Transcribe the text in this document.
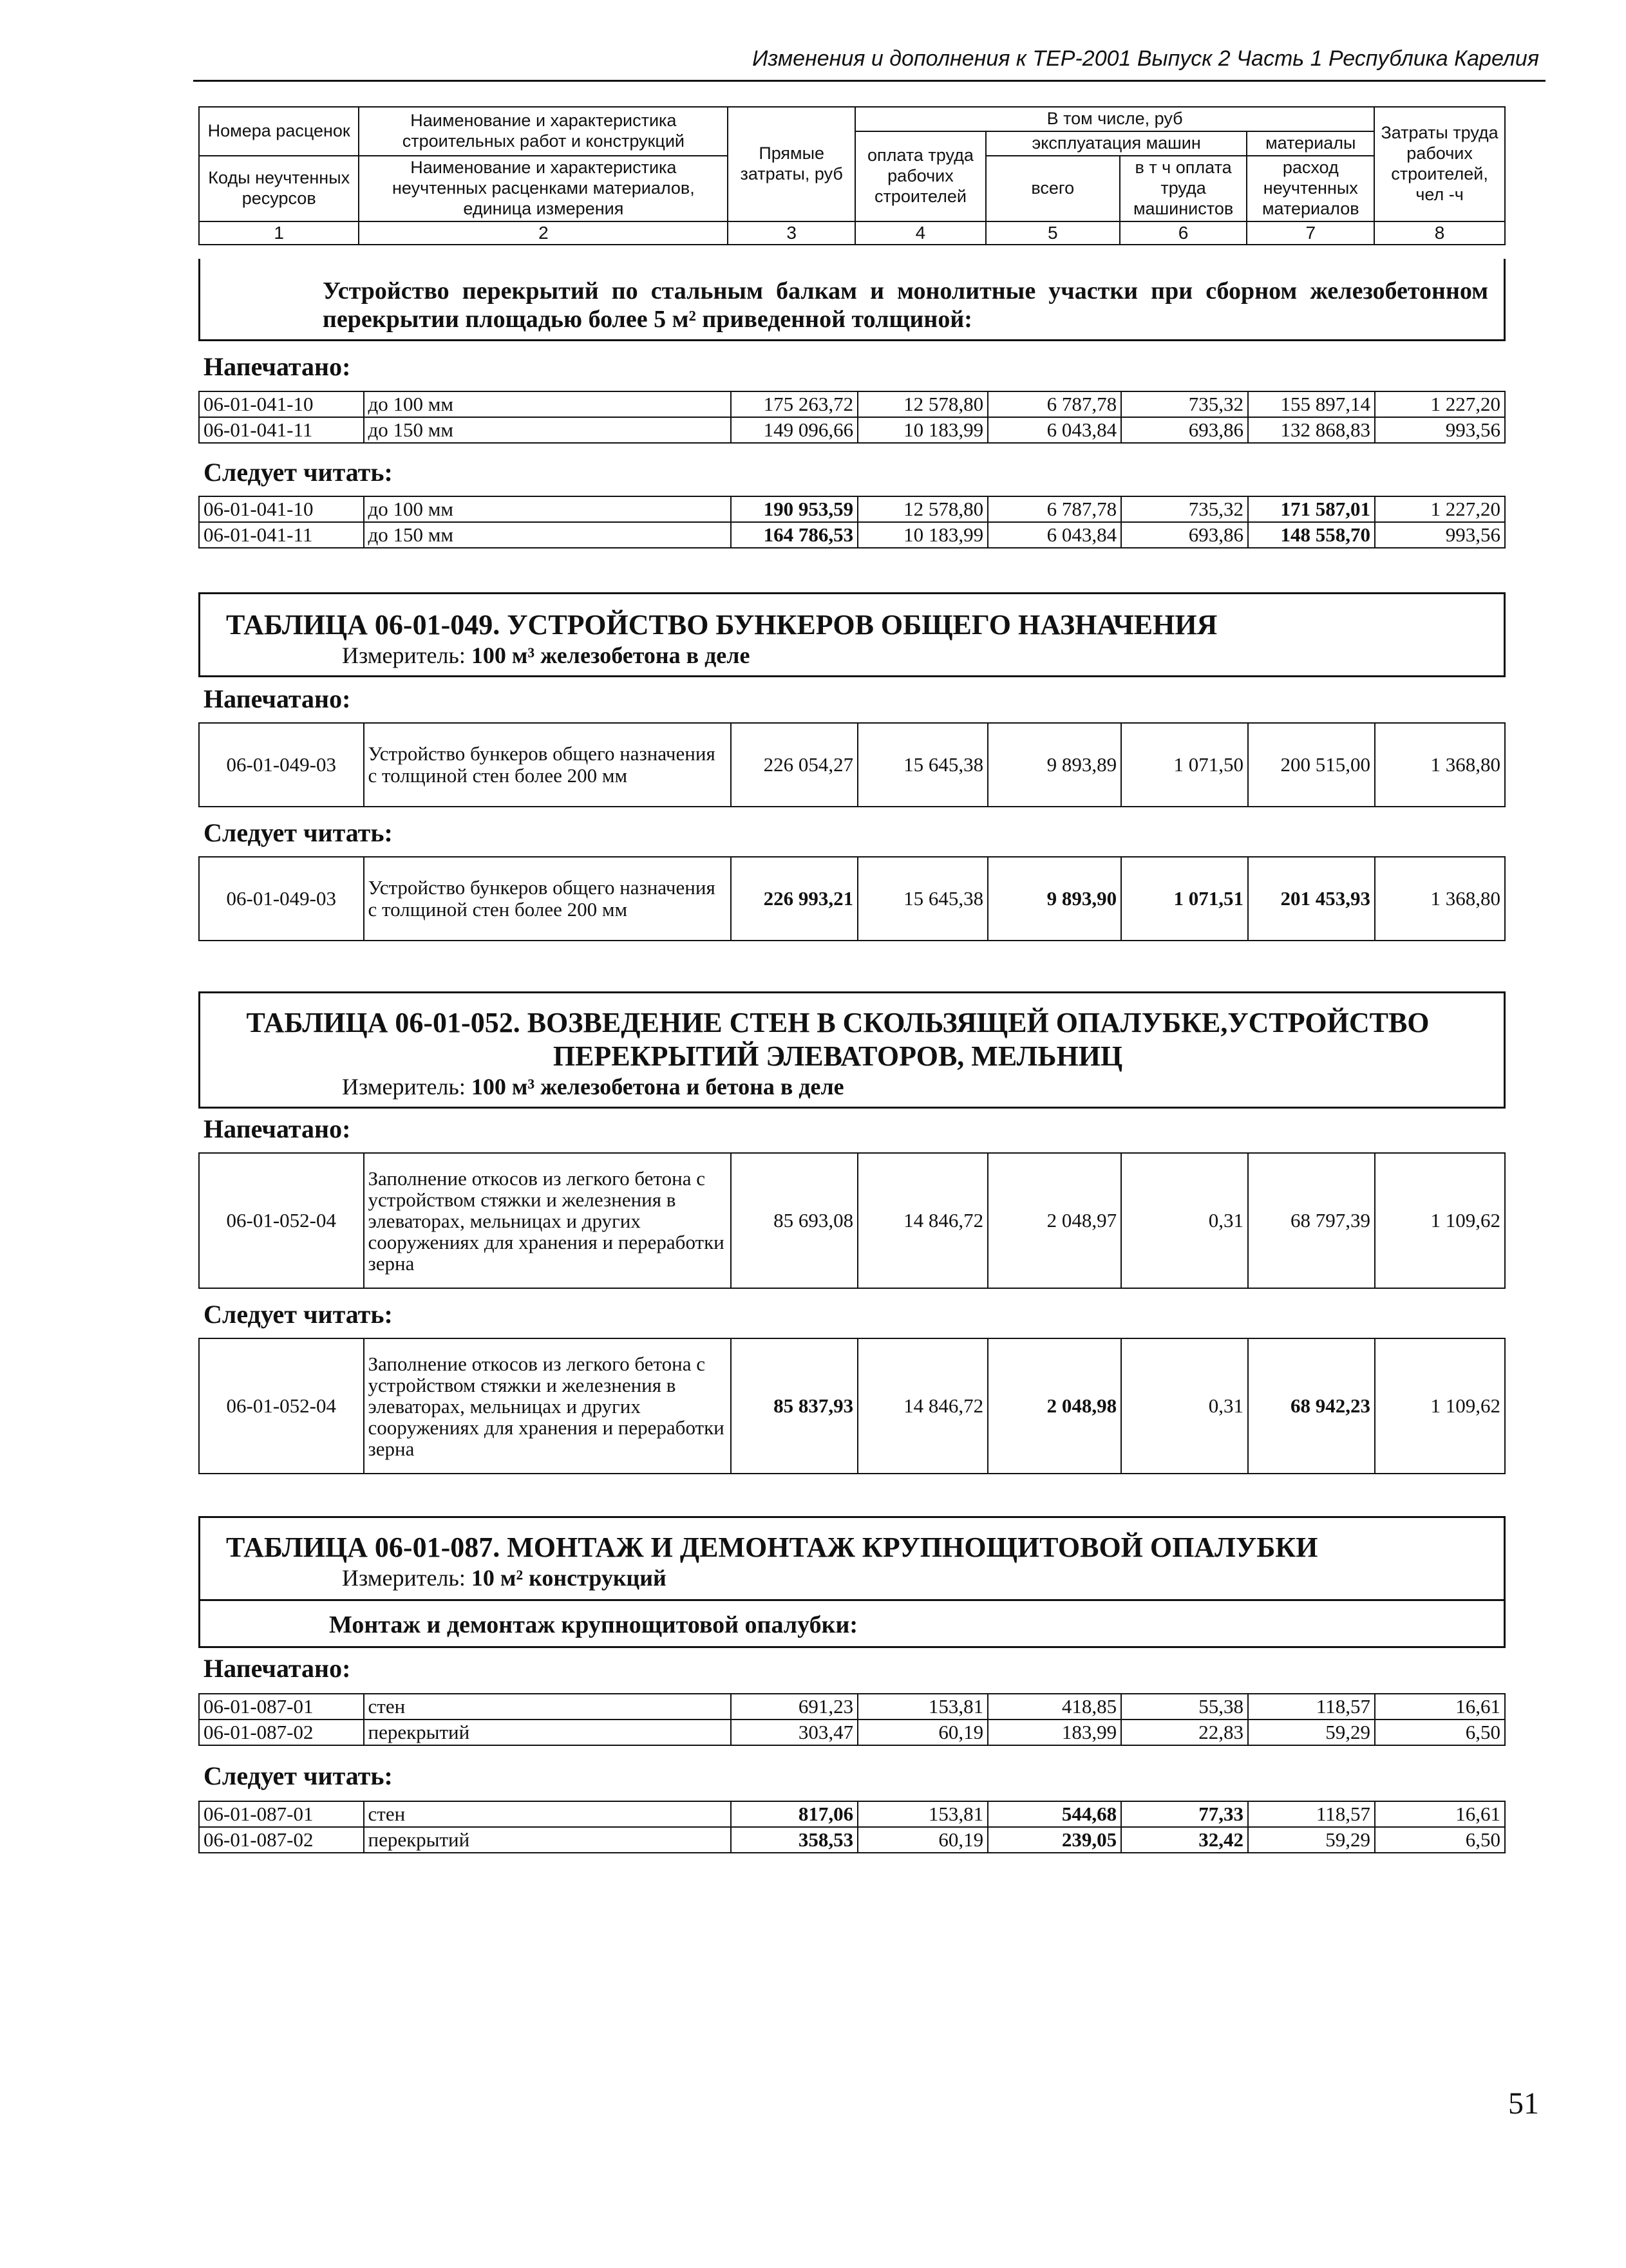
Изменения и дополнения к ТЕР-2001 Выпуск 2 Часть 1 Республика Карелия
Номера расценок	Наименование и характеристика строительных работ и конструкций	Прямые затраты, руб	В том числе, руб				Затраты труда рабочих строителей, чел -ч
			оплата труда рабочих строителей	эксплуатация машин		материалы	
Коды неучтенных ресурсов	Наименование и характеристика неучтенных расценками материалов, единица измерения			всего	в т ч оплата труда машинистов	расход неучтенных материалов	

1	2	3	4	5	6	7	8
Устройство перекрытий по стальным балкам и монолитные участки при сборном железобетонном перекрытии площадью более 5 м² приведенной толщиной:
Напечатано:
06-01-041-10	до 100 мм	175 263,72	12 578,80	6 787,78	735,32	155 897,14	1 227,20
06-01-041-11	до 150 мм	149 096,66	10 183,99	6 043,84	693,86	132 868,83	993,56
Следует читать:
06-01-041-10	до 100 мм	190 953,59	12 578,80	6 787,78	735,32	171 587,01	1 227,20
06-01-041-11	до 150 мм	164 786,53	10 183,99	6 043,84	693,86	148 558,70	993,56
ТАБЛИЦА 06-01-049. УСТРОЙСТВО БУНКЕРОВ ОБЩЕГО НАЗНАЧЕНИЯ
Измеритель: 100 м³ железобетона в деле
Напечатано:
06-01-049-03	Устройство бункеров общего назначения с толщиной стен более 200 мм	226 054,27	15 645,38	9 893,89	1 071,50	200 515,00	1 368,80
Следует читать:
06-01-049-03	Устройство бункеров общего назначения с толщиной стен более 200 мм	226 993,21	15 645,38	9 893,90	1 071,51	201 453,93	1 368,80
ТАБЛИЦА 06-01-052. ВОЗВЕДЕНИЕ СТЕН В СКОЛЬЗЯЩЕЙ ОПАЛУБКЕ,УСТРОЙСТВО ПЕРЕКРЫТИЙ ЭЛЕВАТОРОВ, МЕЛЬНИЦ
Измеритель: 100 м³ железобетона и бетона в деле
Напечатано:
06-01-052-04	Заполнение откосов из легкого бетона с устройством стяжки и железнения в элеваторах, мельницах и других сооружениях для хранения и переработки зерна	85 693,08	14 846,72	2 048,97	0,31	68 797,39	1 109,62
Следует читать:
06-01-052-04	Заполнение откосов из легкого бетона с устройством стяжки и железнения в элеваторах, мельницах и других сооружениях для хранения и переработки зерна	85 837,93	14 846,72	2 048,98	0,31	68 942,23	1 109,62
ТАБЛИЦА 06-01-087. МОНТАЖ И ДЕМОНТАЖ КРУПНОЩИТОВОЙ ОПАЛУБКИ
Измеритель: 10 м² конструкций
Монтаж и демонтаж крупнощитовой опалубки:
Напечатано:
06-01-087-01	стен	691,23	153,81	418,85	55,38	118,57	16,61
06-01-087-02	перекрытий	303,47	60,19	183,99	22,83	59,29	6,50
Следует читать:
06-01-087-01	стен	817,06	153,81	544,68	77,33	118,57	16,61
06-01-087-02	перекрытий	358,53	60,19	239,05	32,42	59,29	6,50
51
